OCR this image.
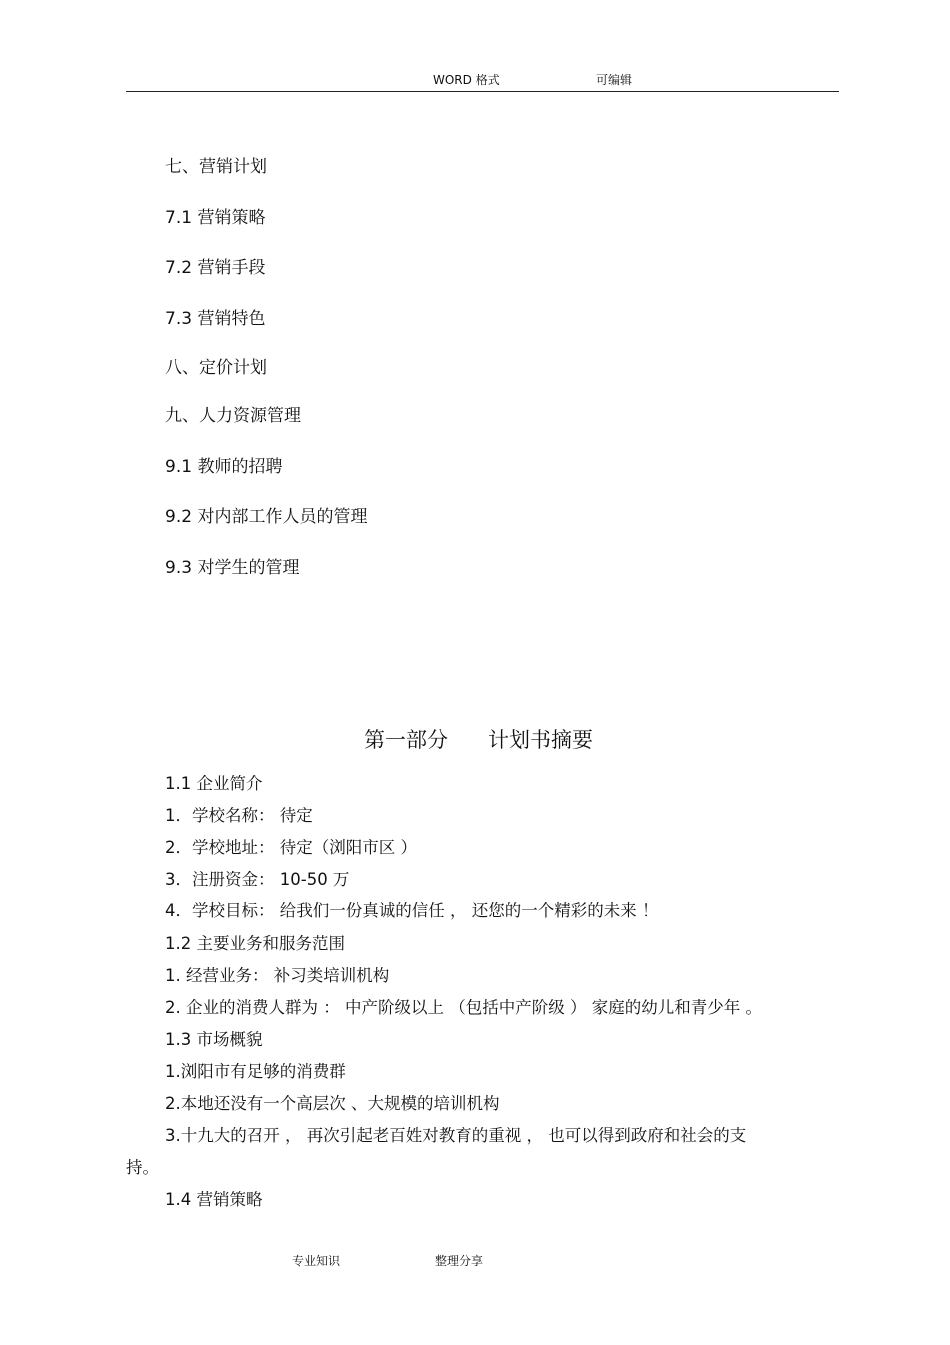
WORD 格式	可编辑
七、营销计划
7.1 营销策略
7.2 营销手段
7.3 营销特色
八、定价计划
九、人力资源管理
9.1 教师的招聘
9.2 对内部工作人员的管理
9.3 对学生的管理
第一部分 计划书摘要
1.1 企业简介
1．学校名称： 待定
2．学校地址： 待定（浏阳市区 ）
3．注册资金： 10-50 万
4．学校目标： 给我们一份真诚的信任 ， 还您的一个精彩的未来 ！
1.2 主要业务和服务范围
1. 经营业务： 补习类培训机构
2. 企业的消费人群为 ： 中产阶级以上 （包括中产阶级 ） 家庭的幼儿和青少年 。
1.3 市场概貌
1.浏阳市有足够的消费群
2.本地还没有一个高层次 、大规模的培训机构
3.十九大的召开 ， 再次引起老百姓对教育的重视 ， 也可以得到政府和社会的支
持。
1.4 营销策略
专业知识	整理分享
